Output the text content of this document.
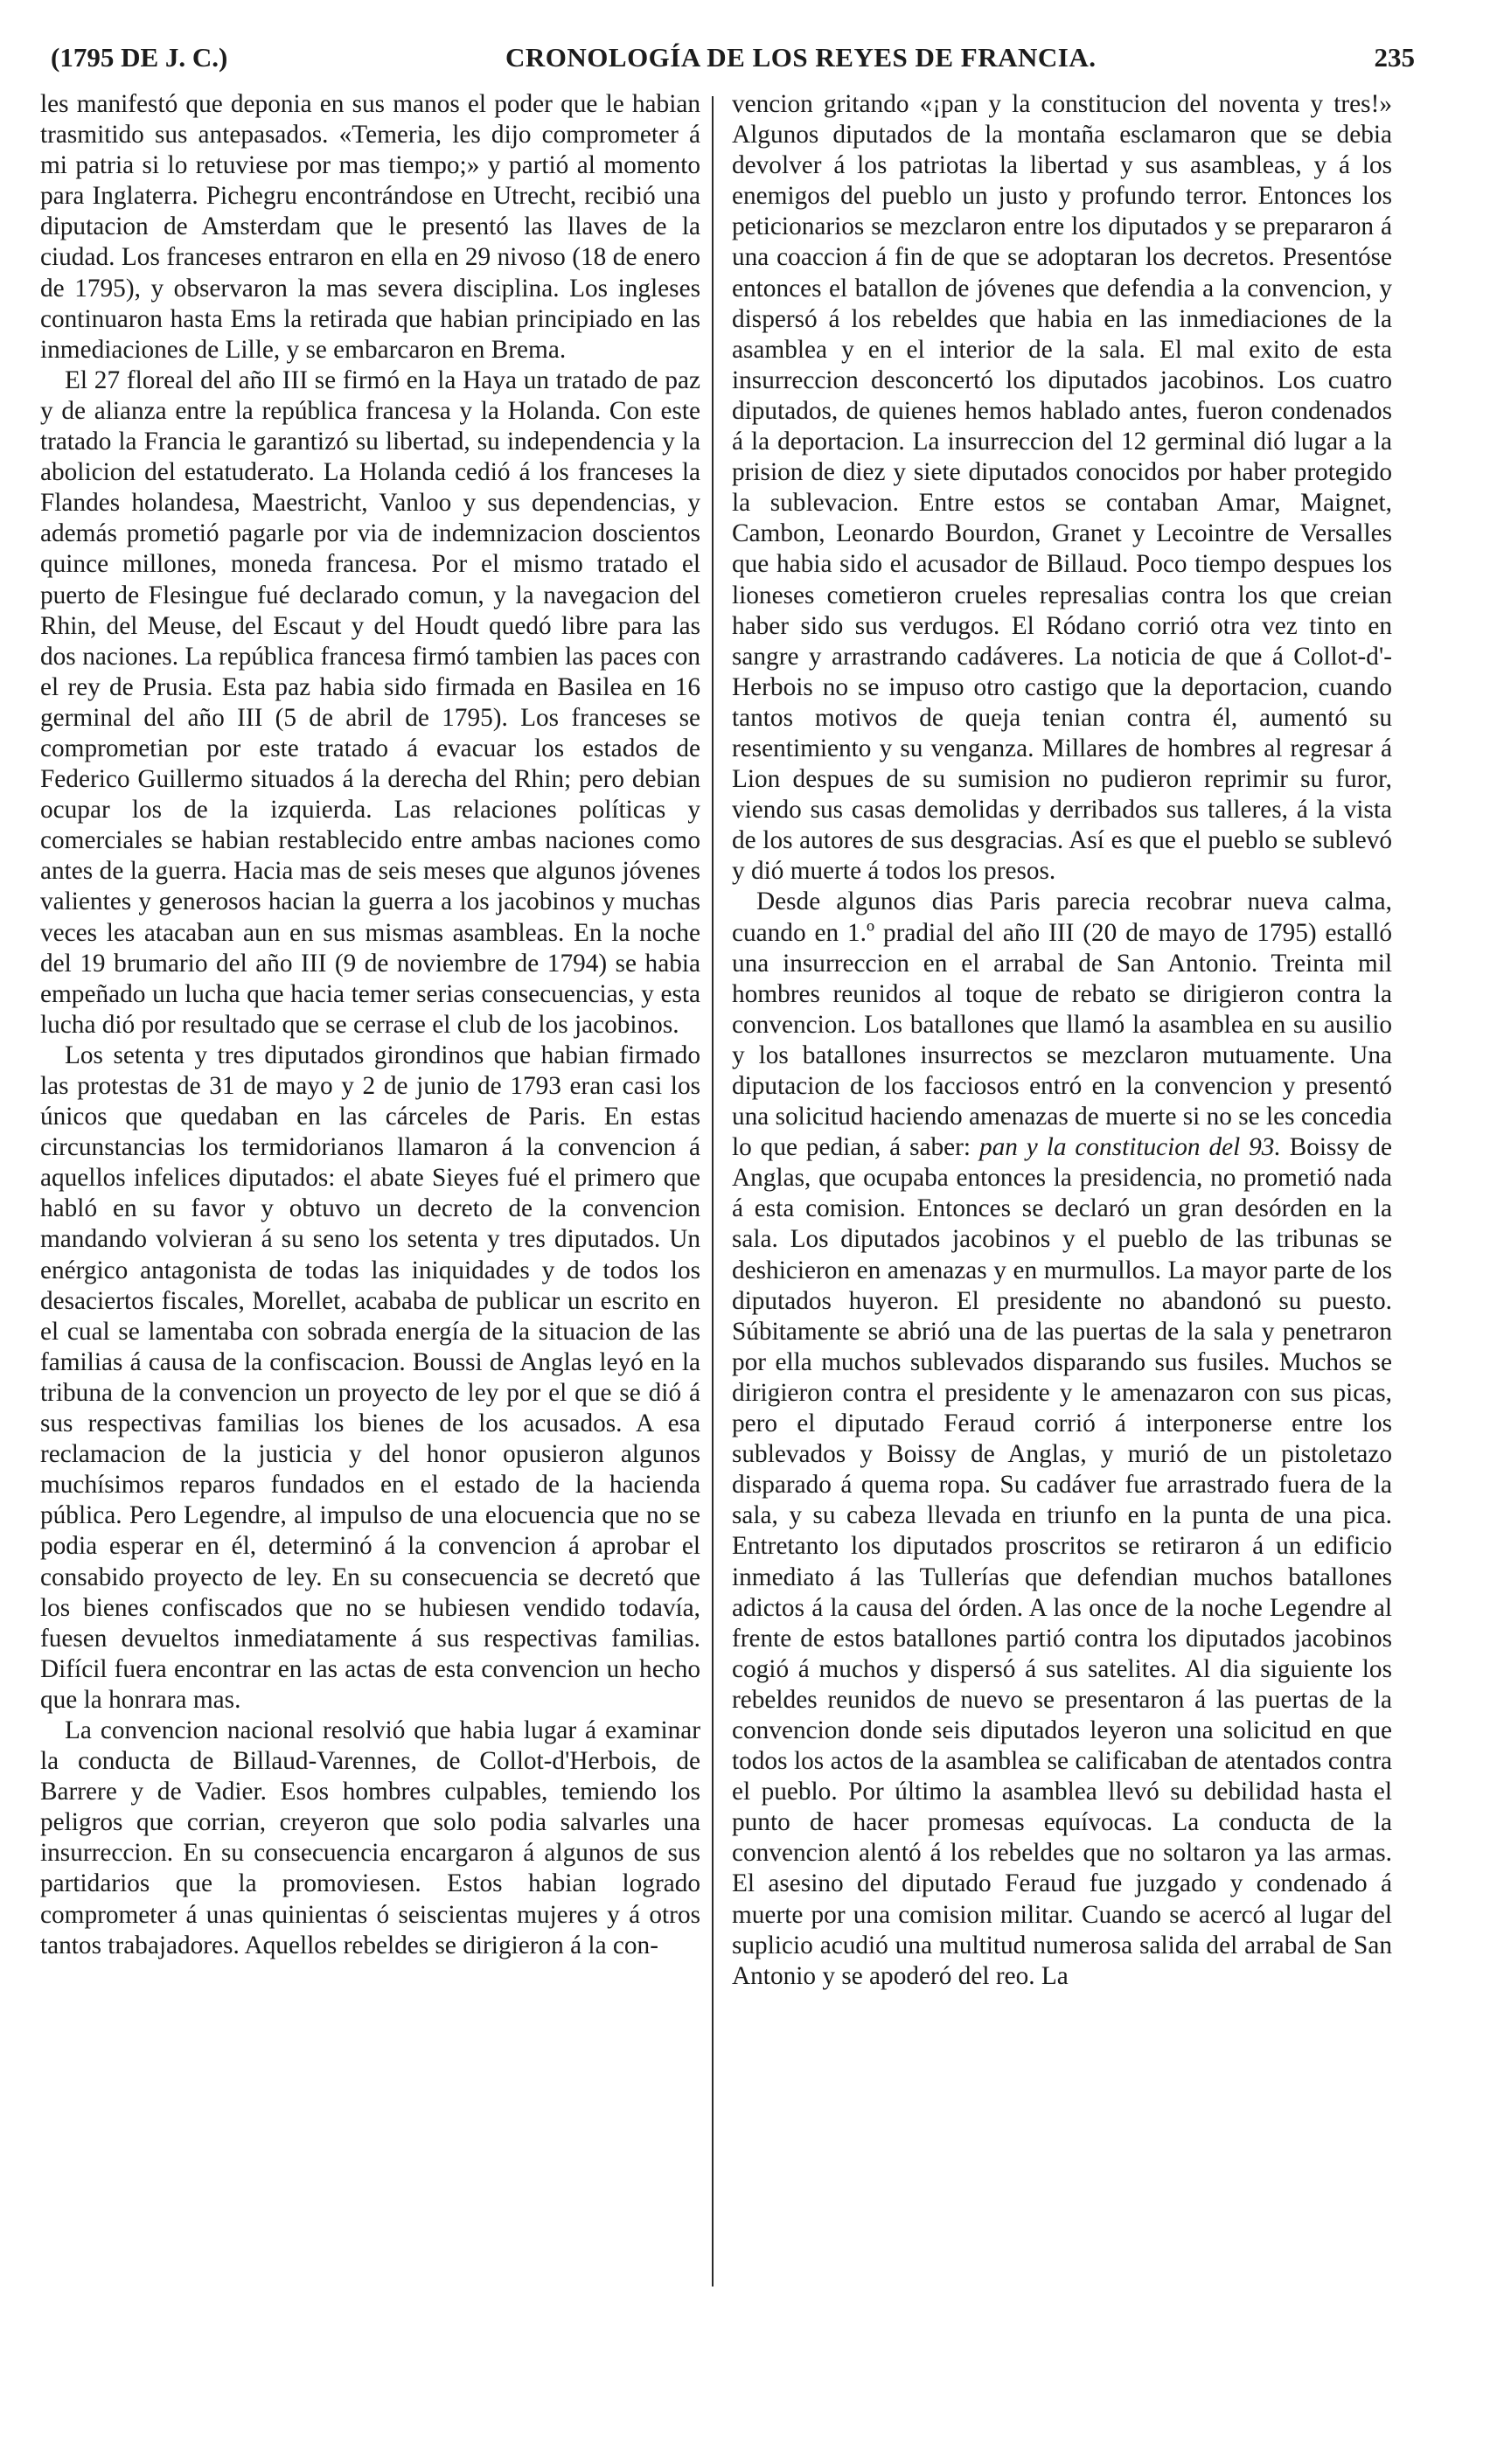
(1795 DE J. C.)	CRONOLOGÍA DE LOS REYES DE FRANCIA.	235

les manifestó que deponia en sus manos el poder que le habian trasmitido sus antepasados. «Temeria, les dijo comprometer á mi patria si lo retuviese por mas tiempo;» y partió al momento para Inglaterra. Pichegru encontrándose en Utrecht, recibió una diputacion de Amsterdam que le presentó las llaves de la ciudad. Los franceses entraron en ella en 29 nivoso (18 de enero de 1795), y observaron la mas severa disciplina. Los ingleses continuaron hasta Ems la retirada que habian principiado en las inmediaciones de Lille, y se embarcaron en Brema.

El 27 floreal del año III se firmó en la Haya un tratado de paz y de alianza entre la república francesa y la Holanda. Con este tratado la Francia le garantizó su libertad, su independencia y la abolicion del estatuderato. La Holanda cedió á los franceses la Flandes holandesa, Maestricht, Vanloo y sus dependencias, y además prometió pagarle por via de indemnizacion doscientos quince millones, moneda francesa. Por el mismo tratado el puerto de Flesingue fué declarado comun, y la navegacion del Rhin, del Meuse, del Escaut y del Houdt quedó libre para las dos naciones. La república francesa firmó tambien las paces con el rey de Prusia. Esta paz habia sido firmada en Basilea en 16 germinal del año III (5 de abril de 1795). Los franceses se comprometian por este tratado á evacuar los estados de Federico Guillermo situados á la derecha del Rhin; pero debian ocupar los de la izquierda. Las relaciones políticas y comerciales se habian restablecido entre ambas naciones como antes de la guerra. Hacia mas de seis meses que algunos jóvenes valientes y generosos hacian la guerra a los jacobinos y muchas veces les atacaban aun en sus mismas asambleas. En la noche del 19 brumario del año III (9 de noviembre de 1794) se habia empeñado un lucha que hacia temer serias consecuencias, y esta lucha dió por resultado que se cerrase el club de los jacobinos.

Los setenta y tres diputados girondinos que habian firmado las protestas de 31 de mayo y 2 de junio de 1793 eran casi los únicos que quedaban en las cárceles de Paris. En estas circunstancias los termidorianos llamaron á la convencion á aquellos infelices diputados: el abate Sieyes fué el primero que habló en su favor y obtuvo un decreto de la convencion mandando volvieran á su seno los setenta y tres diputados. Un enérgico antagonista de todas las iniquidades y de todos los desaciertos fiscales, Morellet, acababa de publicar un escrito en el cual se lamentaba con sobrada energía de la situacion de las familias á causa de la confiscacion. Boussi de Anglas leyó en la tribuna de la convencion un proyecto de ley por el que se dió á sus respectivas familias los bienes de los acusados. A esa reclamacion de la justicia y del honor opusieron algunos muchísimos reparos fundados en el estado de la hacienda pública. Pero Legendre, al impulso de una elocuencia que no se podia esperar en él, determinó á la convencion á aprobar el consabido proyecto de ley. En su consecuencia se decretó que los bienes confiscados que no se hubiesen vendido todavía, fuesen devueltos inmediatamente á sus respectivas familias. Difícil fuera encontrar en las actas de esta convencion un hecho que la honrara mas.

La convencion nacional resolvió que habia lugar á examinar la conducta de Billaud-Varennes, de Collot-d'Herbois, de Barrere y de Vadier. Esos hombres culpables, temiendo los peligros que corrian, creyeron que solo podia salvarles una insurreccion. En su consecuencia encargaron á algunos de sus partidarios que la promoviesen. Estos habian logrado comprometer á unas quinientas ó seiscientas mujeres y á otros tantos trabajadores. Aquellos rebeldes se dirigieron á la con-

vencion gritando «¡pan y la constitucion del noventa y tres!» Algunos diputados de la montaña esclamaron que se debia devolver á los patriotas la libertad y sus asambleas, y á los enemigos del pueblo un justo y profundo terror. Entonces los peticionarios se mezclaron entre los diputados y se prepararon á una coaccion á fin de que se adoptaran los decretos. Presentóse entonces el batallon de jóvenes que defendia a la convencion, y dispersó á los rebeldes que habia en las inmediaciones de la asamblea y en el interior de la sala. El mal exito de esta insurreccion desconcertó los diputados jacobinos. Los cuatro diputados, de quienes hemos hablado antes, fueron condenados á la deportacion. La insurreccion del 12 germinal dió lugar a la prision de diez y siete diputados conocidos por haber protegido la sublevacion. Entre estos se contaban Amar, Maignet, Cambon, Leonardo Bourdon, Granet y Lecointre de Versalles que habia sido el acusador de Billaud. Poco tiempo despues los lioneses cometieron crueles represalias contra los que creian haber sido sus verdugos. El Ródano corrió otra vez tinto en sangre y arrastrando cadáveres. La noticia de que á Collot-d'-Herbois no se impuso otro castigo que la deportacion, cuando tantos motivos de queja tenian contra él, aumentó su resentimiento y su venganza. Millares de hombres al regresar á Lion despues de su sumision no pudieron reprimir su furor, viendo sus casas demolidas y derribados sus talleres, á la vista de los autores de sus desgracias. Así es que el pueblo se sublevó y dió muerte á todos los presos.

Desde algunos dias Paris parecia recobrar nueva calma, cuando en 1.º pradial del año III (20 de mayo de 1795) estalló una insurreccion en el arrabal de San Antonio. Treinta mil hombres reunidos al toque de rebato se dirigieron contra la convencion. Los batallones que llamó la asamblea en su ausilio y los batallones insurrectos se mezclaron mutuamente. Una diputacion de los facciosos entró en la convencion y presentó una solicitud haciendo amenazas de muerte si no se les concedia lo que pedian, á saber: pan y la constitucion del 93. Boissy de Anglas, que ocupaba entonces la presidencia, no prometió nada á esta comision. Entonces se declaró un gran desórden en la sala. Los diputados jacobinos y el pueblo de las tribunas se deshicieron en amenazas y en murmullos. La mayor parte de los diputados huyeron. El presidente no abandonó su puesto. Súbitamente se abrió una de las puertas de la sala y penetraron por ella muchos sublevados disparando sus fusiles. Muchos se dirigieron contra el presidente y le amenazaron con sus picas, pero el diputado Feraud corrió á interponerse entre los sublevados y Boissy de Anglas, y murió de un pistoletazo disparado á quema ropa. Su cadáver fue arrastrado fuera de la sala, y su cabeza llevada en triunfo en la punta de una pica. Entretanto los diputados proscritos se retiraron á un edificio inmediato á las Tullerías que defendian muchos batallones adictos á la causa del órden. A las once de la noche Legendre al frente de estos batallones partió contra los diputados jacobinos cogió á muchos y dispersó á sus satelites. Al dia siguiente los rebeldes reunidos de nuevo se presentaron á las puertas de la convencion donde seis diputados leyeron una solicitud en que todos los actos de la asamblea se calificaban de atentados contra el pueblo. Por último la asamblea llevó su debilidad hasta el punto de hacer promesas equívocas. La conducta de la convencion alentó á los rebeldes que no soltaron ya las armas. El asesino del diputado Feraud fue juzgado y condenado á muerte por una comision militar. Cuando se acercó al lugar del suplicio acudió una multitud numerosa salida del arrabal de San Antonio y se apoderó del reo. La
